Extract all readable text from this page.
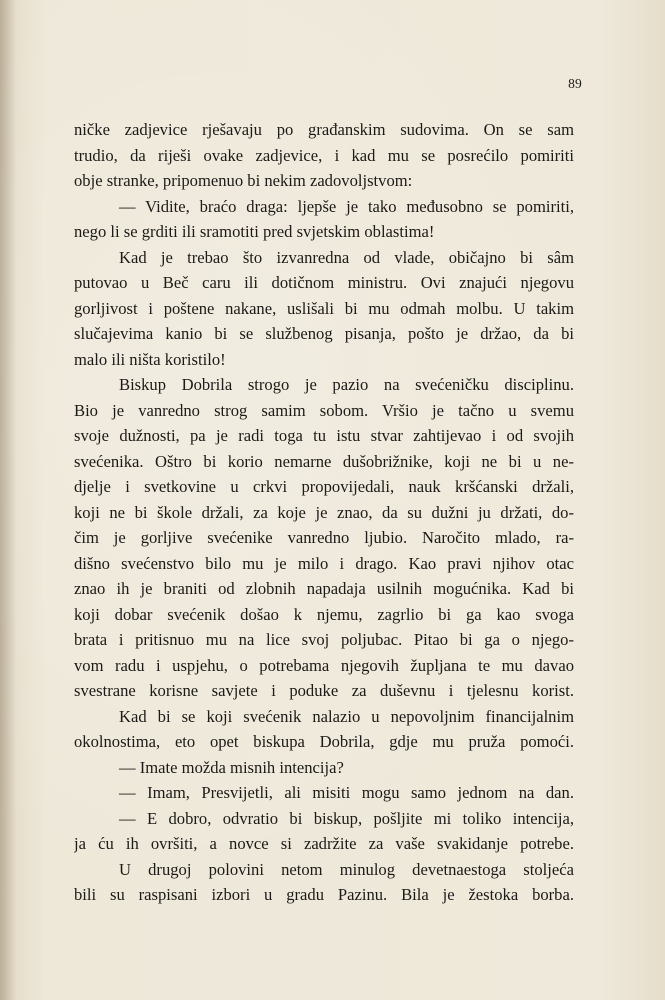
89
ničke zadjevice rješavaju po građanskim sudovima. On se sam
trudio, da riješi ovake zadjevice, i kad mu se posrećilo pomiriti
obje stranke, pripomenuo bi nekim zadovoljstvom:
— Vidite, braćo draga: ljepše je tako međusobno se pomiriti,
nego li se grditi ili sramotiti pred svjetskim oblastima!
Kad je trebao što izvanredna od vlade, običajno bi sâm
putovao u Beč caru ili dotičnom ministru. Ovi znajući njegovu
gorljivost i poštene nakane, uslišali bi mu odmah molbu. U takim
slučajevima kanio bi se službenog pisanja, pošto je držao, da bi
malo ili ništa koristilo!
Biskup Dobrila strogo je pazio na svećeničku disciplinu.
Bio je vanredno strog samim sobom. Vršio je tačno u svemu
svoje dužnosti, pa je radi toga tu istu stvar zahtijevao i od svojih
svećenika. Oštro bi korio nemarne dušobrižnike, koji ne bi u ne-
djelje i svetkovine u crkvi propovijedali, nauk kršćanski držali,
koji ne bi škole držali, za koje je znao, da su dužni ju držati, do-
čim je gorljive svećenike vanredno ljubio. Naročito mlado, ra-
dišno svećenstvo bilo mu je milo i drago. Kao pravi njihov otac
znao ih je braniti od zlobnih napadaja usilnih mogućnika. Kad bi
koji dobar svećenik došao k njemu, zagrlio bi ga kao svoga
brata i pritisnuo mu na lice svoj poljubac. Pitao bi ga o njego-
vom radu i uspjehu, o potrebama njegovih župljana te mu davao
svestrane korisne savjete i poduke za duševnu i tjelesnu korist.
Kad bi se koji svećenik nalazio u nepovoljnim financijalnim
okolnostima, eto opet biskupa Dobrila, gdje mu pruža pomoći.
— Imate možda misnih intencija?
— Imam, Presvijetli, ali misiti mogu samo jednom na dan.
— E dobro, odvratio bi biskup, pošljite mi toliko intencija,
ja ću ih ovršiti, a novce si zadržite za vaše svakidanje potrebe.
U drugoj polovini netom minulog devetnaestoga stoljeća
bili su raspisani izbori u gradu Pazinu. Bila je žestoka borba.
